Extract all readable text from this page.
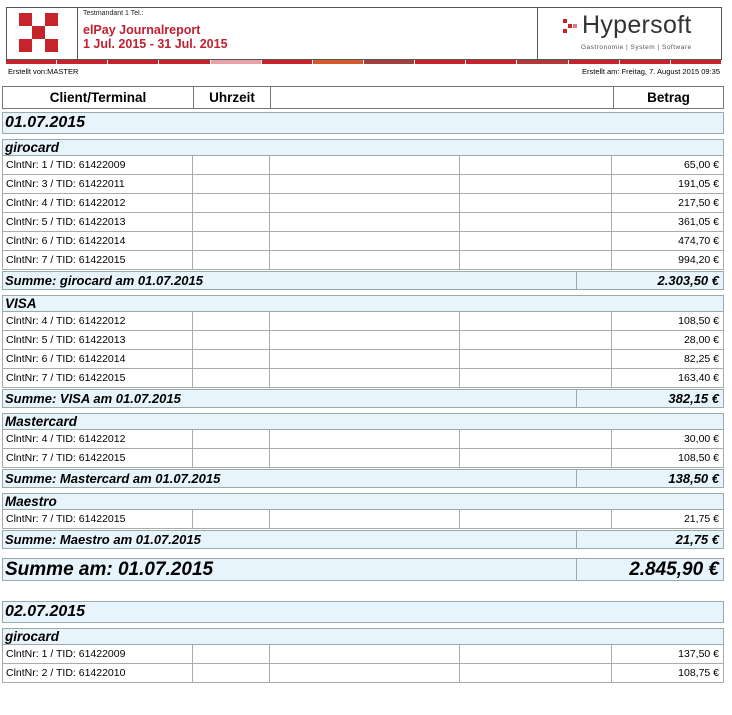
Testmandant 1 Tel.:
elPay Journalreport
1 Jul. 2015 - 31 Jul. 2015
Hypersoft
Gastronomie | System | Software
Erstellt von:MASTER	Erstellt am: Freitag, 7. August 2015 09:35
Client/Terminal	Uhrzeit	Betrag
01.07.2015
girocard
ClntNr: 1 / TID: 61422009	65,00 €
ClntNr: 3 / TID: 61422011	191,05 €
ClntNr: 4 / TID: 61422012	217,50 €
ClntNr: 5 / TID: 61422013	361,05 €
ClntNr: 6 / TID: 61422014	474,70 €
ClntNr: 7 / TID: 61422015	994,20 €
Summe: girocard am 01.07.2015	2.303,50 €
VISA
ClntNr: 4 / TID: 61422012	108,50 €
ClntNr: 5 / TID: 61422013	28,00 €
ClntNr: 6 / TID: 61422014	82,25 €
ClntNr: 7 / TID: 61422015	163,40 €
Summe: VISA am 01.07.2015	382,15 €
Mastercard
ClntNr: 4 / TID: 61422012	30,00 €
ClntNr: 7 / TID: 61422015	108,50 €
Summe: Mastercard am 01.07.2015	138,50 €
Maestro
ClntNr: 7 / TID: 61422015	21,75 €
Summe: Maestro am 01.07.2015	21,75 €
Summe am: 01.07.2015	2.845,90 €
02.07.2015
girocard
ClntNr: 1 / TID: 61422009	137,50 €
ClntNr: 2 / TID: 61422010	108,75 €
